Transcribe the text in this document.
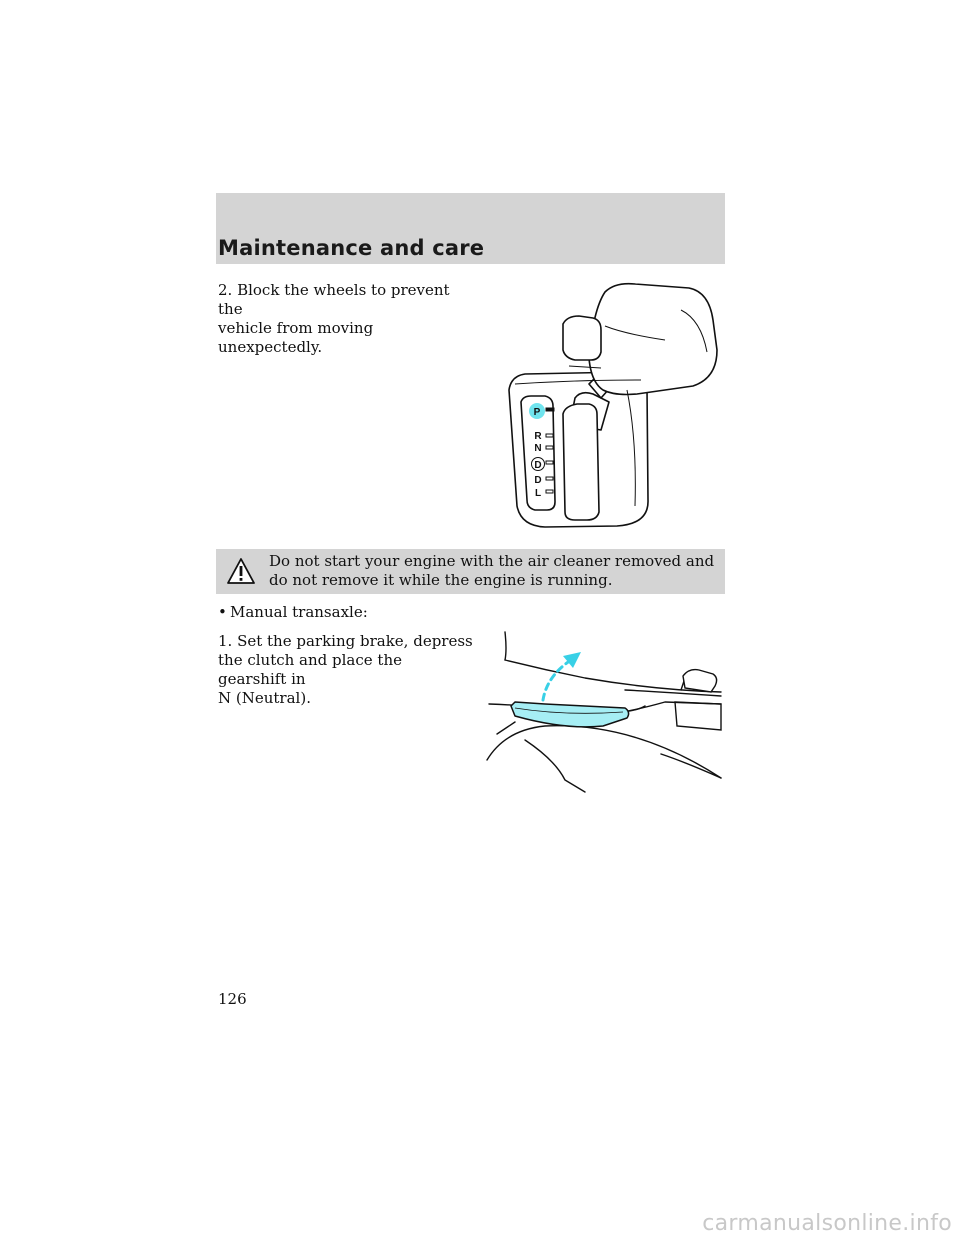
Maintenance and care
2. Block the wheels to prevent the
vehicle from moving unexpectedly.
P
R
N
D
D
L
Do not start your engine with the air cleaner removed and do not remove it while the engine is running.
• Manual transaxle:
1. Set the parking brake, depress
the clutch and place the gearshift in
N (Neutral).
126
carmanualsonline.info
